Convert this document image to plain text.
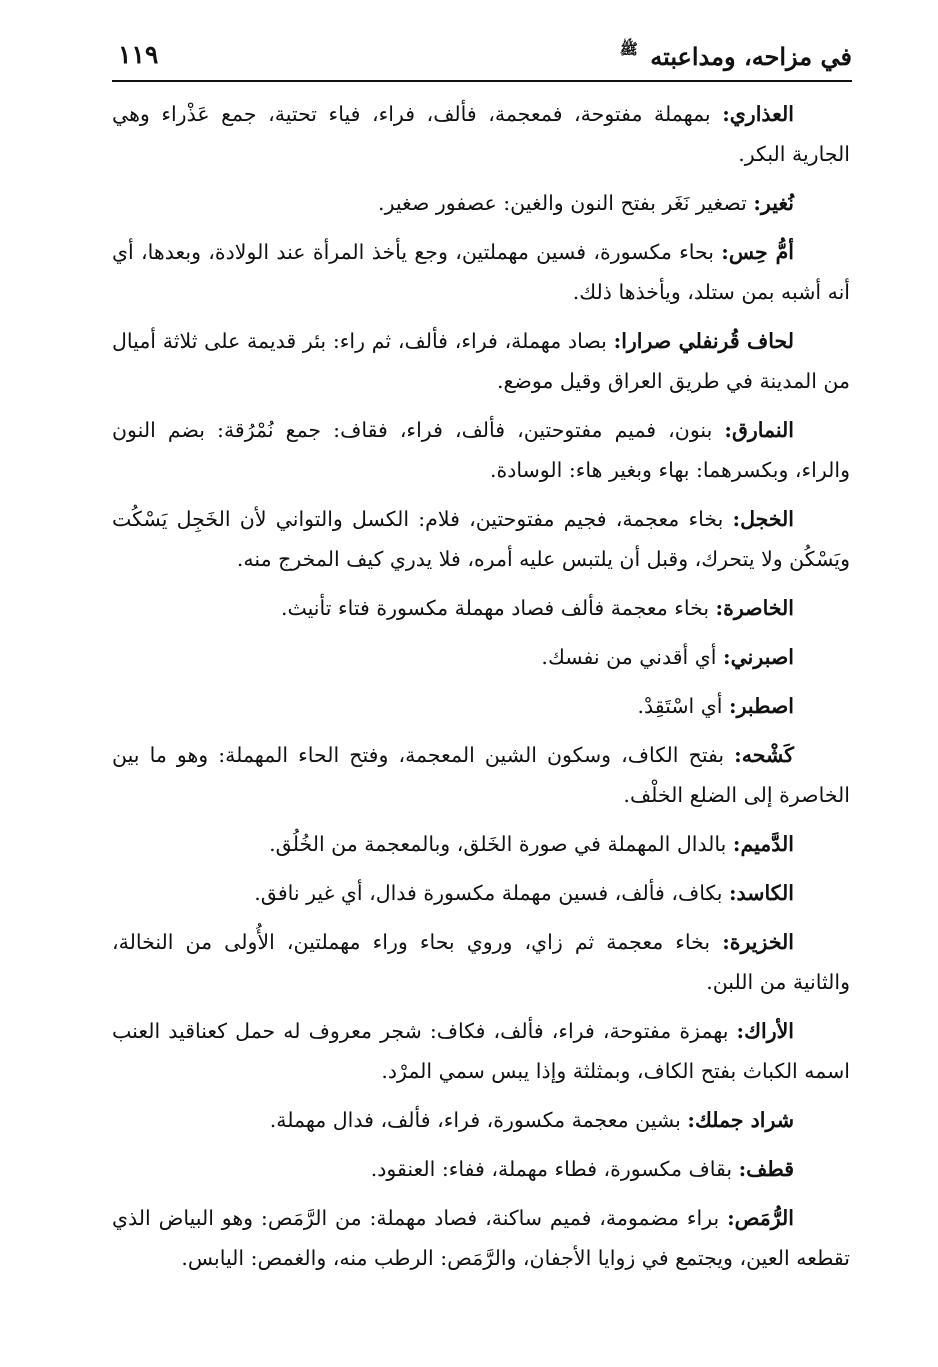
في مزاحه، ومداعبته ﷺ
١١٩

العذاري: بمهملة مفتوحة، فمعجمة، فألف، فراء، فياء تحتية، جمع عَذْراء وهي الجارية البكر.

نُغير: تصغير نَغَر بفتح النون والغين: عصفور صغير.

أمُّ حِس: بحاء مكسورة، فسين مهملتين، وجع يأخذ المرأة عند الولادة، وبعدها، أي أنه أشبه بمن ستلد، ويأخذها ذلك.

لحاف قُرنفلي صرارا: بصاد مهملة، فراء، فألف، ثم راء: بئر قديمة على ثلاثة أميال من المدينة في طريق العراق وقيل موضع.

النمارق: بنون، فميم مفتوحتين، فألف، فراء، فقاف: جمع نُمْرُقة: بضم النون والراء، وبكسرهما: بهاء وبغير هاء: الوسادة.

الخجل: بخاء معجمة، فجيم مفتوحتين، فلام: الكسل والتواني لأن الخَجِل يَسْكُت ويَسْكُن ولا يتحرك، وقبل أن يلتبس عليه أمره، فلا يدري كيف المخرج منه.

الخاصرة: بخاء معجمة فألف فصاد مهملة مكسورة فتاء تأنيث.

اصبرني: أي أقدني من نفسك.

اصطبر: أي اسْتَقِدْ.

كَشْحه: بفتح الكاف، وسكون الشين المعجمة، وفتح الحاء المهملة: وهو ما بين الخاصرة إلى الضلع الخلْف.

الدَّميم: بالدال المهملة في صورة الخَلق، وبالمعجمة من الخُلُق.

الكاسد: بكاف، فألف، فسين مهملة مكسورة فدال، أي غير نافق.

الخزيرة: بخاء معجمة ثم زاي، وروي بحاء وراء مهملتين، الأُولى من النخالة، والثانية من اللبن.

الأراك: بهمزة مفتوحة، فراء، فألف، فكاف: شجر معروف له حمل كعناقيد العنب اسمه الكباث بفتح الكاف، وبمثلثة وإذا يبس سمي المرْد.

شراد جملك: بشين معجمة مكسورة، فراء، فألف، فدال مهملة.

قطف: بقاف مكسورة، فطاء مهملة، ففاء: العنقود.

الرُّمَص: براء مضمومة، فميم ساكنة، فصاد مهملة: من الرَّمَص: وهو البياض الذي تقطعه العين، ويجتمع في زوايا الأجفان، والرَّمَص: الرطب منه، والغمص: اليابس.
